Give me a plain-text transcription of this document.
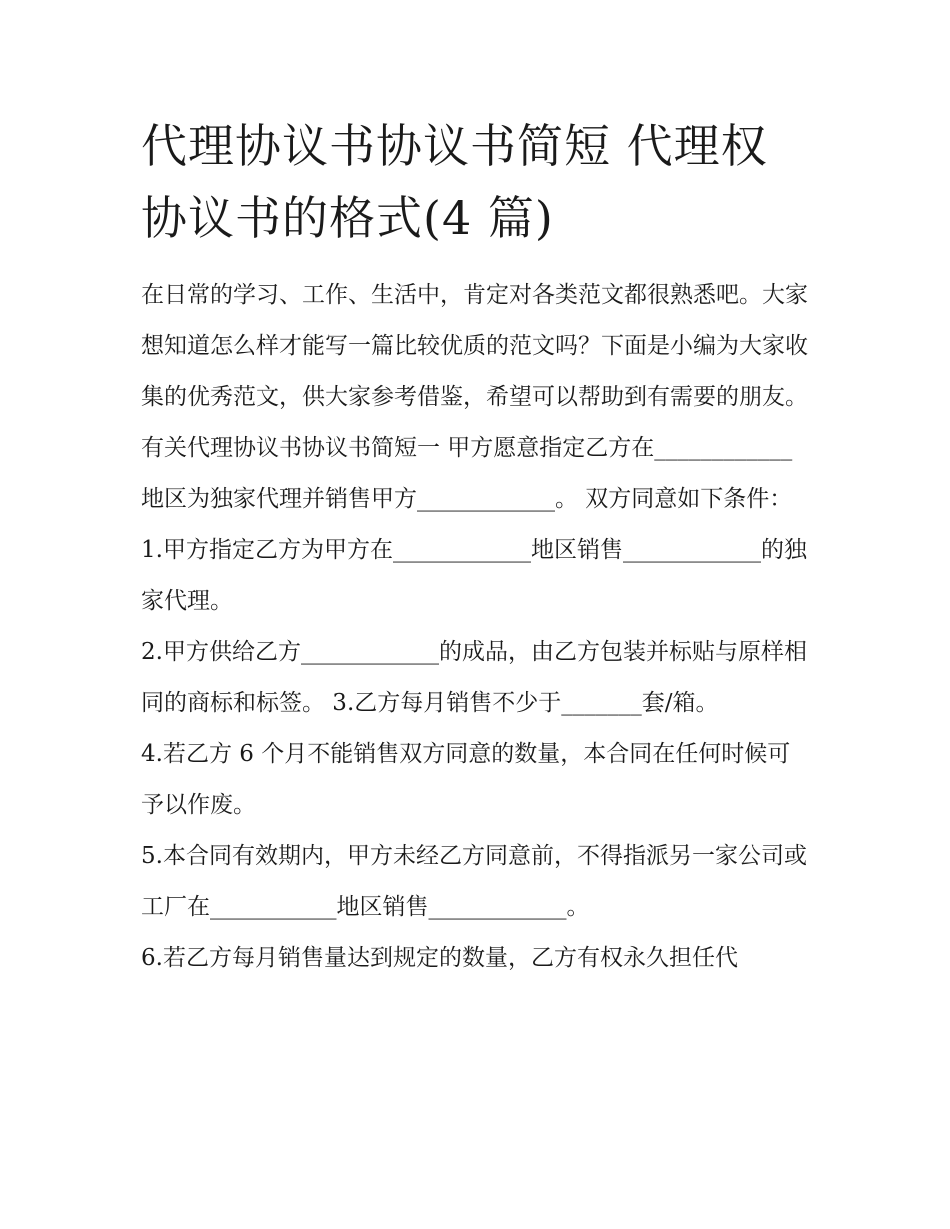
代理协议书协议书简短 代理权协议书的格式(4 篇)

在日常的学习、工作、生活中，肯定对各类范文都很熟悉吧。大家想知道怎么样才能写一篇比较优质的范文吗？下面是小编为大家收集的优秀范文，供大家参考借鉴，希望可以帮助到有需要的朋友。

有关代理协议书协议书简短一 甲方愿意指定乙方在____________地区为独家代理并销售甲方____________。 双方同意如下条件：

1.甲方指定乙方为甲方在____________地区销售____________的独家代理。

2.甲方供给乙方____________的成品，由乙方包装并标贴与原样相同的商标和标签。 3.乙方每月销售不少于_______套/箱。

4.若乙方 6 个月不能销售双方同意的数量，本合同在任何时候可予以作废。

5.本合同有效期内，甲方未经乙方同意前，不得指派另一家公司或工厂在___________地区销售____________。

6.若乙方每月销售量达到规定的数量，乙方有权永久担任代
